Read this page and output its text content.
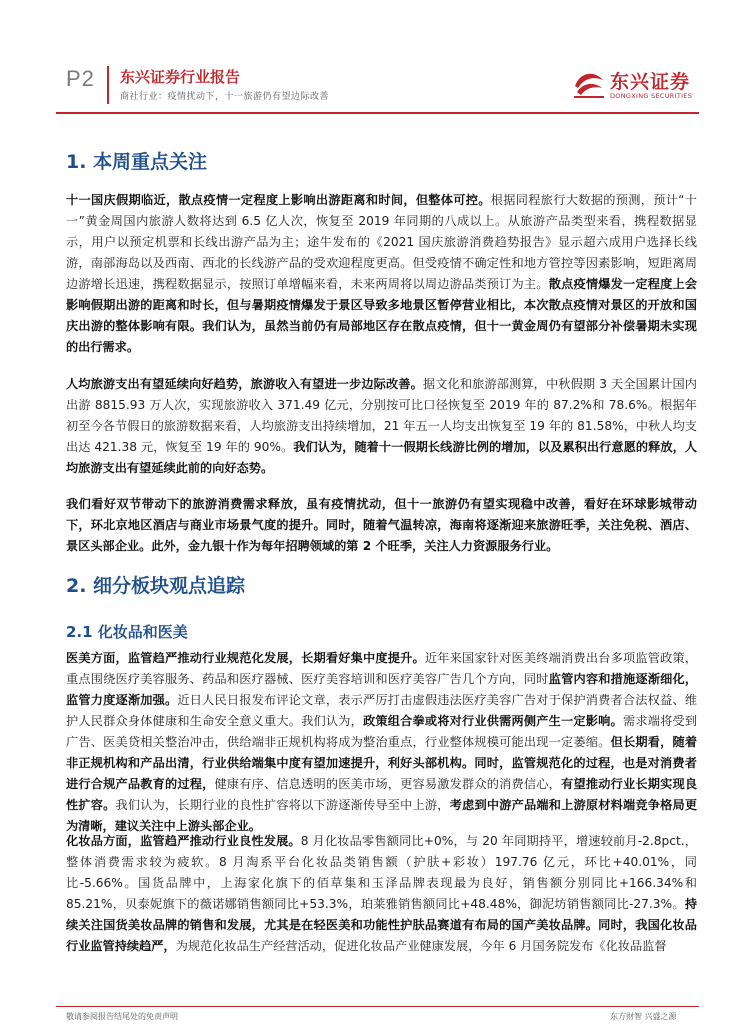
P2 东兴证券行业报告
商社行业：疫情扰动下，十一旅游仍有望边际改善
东兴证券
DONGXING SECURITIES
1. 本周重点关注
十一国庆假期临近，散点疫情一定程度上影响出游距离和时间，但整体可控。根据同程旅行大数据的预测，预计“十一”黄金周国内旅游人数将达到 6.5 亿人次，恢复至 2019 年同期的八成以上。从旅游产品类型来看，携程数据显示，用户以预定机票和长线出游产品为主；途牛发布的《2021 国庆旅游消费趋势报告》显示超六成用户选择长线游，南部海岛以及西南、西北的长线游产品的受欢迎程度更高。但受疫情不确定性和地方管控等因素影响，短距离周边游增长迅速，携程数据显示，按照订单增幅来看，未来两周将以周边游品类预订为主。散点疫情爆发一定程度上会影响假期出游的距离和时长，但与暑期疫情爆发于景区导致多地景区暂停营业相比，本次散点疫情对景区的开放和国庆出游的整体影响有限。我们认为，虽然当前仍有局部地区存在散点疫情，但十一黄金周仍有望部分补偿暑期未实现的出行需求。
人均旅游支出有望延续向好趋势，旅游收入有望进一步边际改善。据文化和旅游部测算，中秋假期 3 天全国累计国内出游 8815.93 万人次，实现旅游收入 371.49 亿元，分别按可比口径恢复至 2019 年的 87.2%和 78.6%。根据年初至今各节假日的旅游数据来看，人均旅游支出持续增加，21 年五一人均支出恢复至 19 年的 81.58%，中秋人均支出达 421.38 元，恢复至 19 年的 90%。我们认为，随着十一假期长线游比例的增加，以及累积出行意愿的释放，人均旅游支出有望延续此前的向好态势。
我们看好双节带动下的旅游消费需求释放，虽有疫情扰动，但十一旅游仍有望实现稳中改善，看好在环球影城带动下，环北京地区酒店与商业市场景气度的提升。同时，随着气温转凉，海南将逐渐迎来旅游旺季，关注免税、酒店、景区头部企业。此外，金九银十作为每年招聘领域的第 2 个旺季，关注人力资源服务行业。
2. 细分板块观点追踪
2.1 化妆品和医美
医美方面，监管趋严推动行业规范化发展，长期看好集中度提升。近年来国家针对医美终端消费出台多项监管政策，重点围绕医疗美容服务、药品和医疗器械、医疗美容培训和医疗美容广告几个方向，同时监管内容和措施逐渐细化，监管力度逐渐加强。近日人民日报发布评论文章，表示严厉打击虚假违法医疗美容广告对于保护消费者合法权益、维护人民群众身体健康和生命安全意义重大。我们认为，政策组合拳或将对行业供需两侧产生一定影响。需求端将受到广告、医美贷相关整治冲击，供给端非正规机构将成为整治重点，行业整体规模可能出现一定萎缩。但长期看，随着非正规机构和产品出清，行业供给端集中度有望加速提升，利好头部机构。同时，监管规范化的过程，也是对消费者进行合规产品教育的过程，健康有序、信息透明的医美市场，更容易激发群众的消费信心，有望推动行业长期实现良性扩容。我们认为，长期行业的良性扩容将以下游逐渐传导至中上游，考虑到中游产品端和上游原材料端竞争格局更为清晰，建议关注中上游头部企业。
化妆品方面，监管趋严推动行业良性发展。8 月化妆品零售额同比+0%，与 20 年同期持平，增速较前月-2.8pct.，整体消费需求较为疲软。8 月淘系平台化妆品类销售额（护肤+彩妆）197.76 亿元，环比+40.01%，同比-5.66%。国货品牌中，上海家化旗下的佰草集和玉泽品牌表现最为良好，销售额分别同比+166.34%和 85.21%，贝泰妮旗下的薇诺娜销售额同比+53.3%，珀莱雅销售额同比+48.48%，御泥坊销售额同比-27.3%。持续关注国货美妆品牌的销售和发展，尤其是在轻医美和功能性护肤品赛道有布局的国产美妆品牌。同时，我国化妆品行业监管持续趋严，为规范化妆品生产经营活动，促进化妆品产业健康发展，今年 6 月国务院发布《化妆品监督
敬请参阅报告结尾处的免责声明	东方财智 兴盛之源
